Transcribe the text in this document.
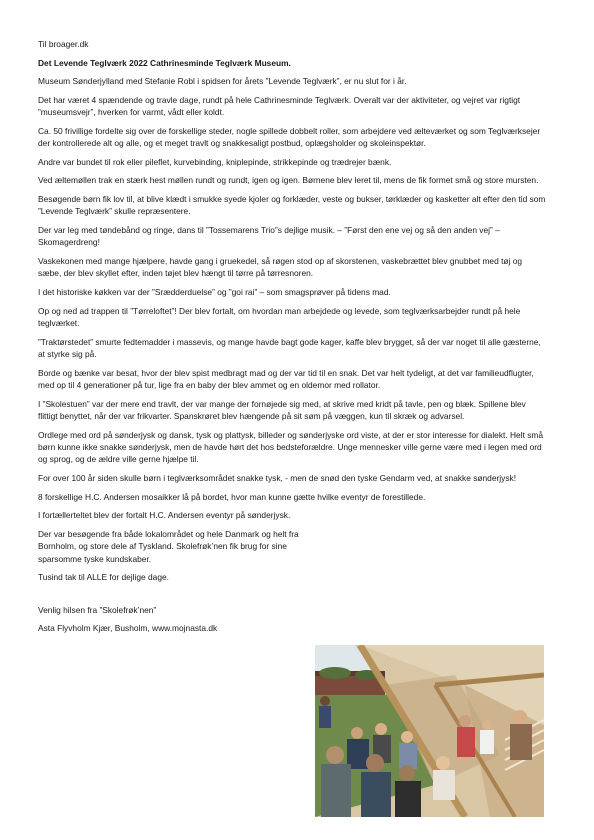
Til broager.dk

Det Levende Teglværk 2022 Cathrinesminde Teglværk Museum.

Museum Sønderjylland med Stefanie Robl i spidsen for årets ”Levende Teglværk”, er nu slut for i år.

Det har været 4 spændende og travle dage, rundt på hele Cathrinesminde Teglværk. Overalt var der aktiviteter, og vejret var rigtigt ”museumsvejr”, hverken for varmt, vådt eller koldt.

Ca. 50 frivillige fordelte sig over de forskellige steder, nogle spillede dobbelt roller, som arbejdere ved ælteværket og som Teglværksejer der kontrollerede alt og alle, og et meget travlt og snakkesaligt postbud, oplægsholder og skoleinspektør.

Andre var bundet til rok eller pileflet, kurvebinding, kniplepinde, strikkepinde og trædrejer bænk.

Ved æltemøllen trak en stærk hest møllen rundt og rundt, igen og igen. Børnene blev leret til, mens de fik formet små og store mursten.

Besøgende børn fik lov til, at blive klædt i smukke syede kjoler og forklæder, veste og bukser, tørklæder og kasketter alt efter den tid som ”Levende Teglværk” skulle repræsentere.

Der var leg med tøndebånd og ringe, dans til ”Tossemarens Trio”s dejlige musik. – ”Først den ene vej og så den anden vej” – Skomagerdreng!

Vaskekonen med mange hjælpere, havde gang i gruekedel, så røgen stod op af skorstenen, vaskebrættet blev gnubbet med tøj og sæbe, der blev skyllet efter, inden tøjet blev hængt til tørre på tørresnoren.

I det historiske køkken var der ”Srædderduelse” og ”goi rai” – som smagsprøver på tidens mad.

Op og ned ad trappen til ”Tørreloftet”! Der blev fortalt, om hvordan man arbejdede og levede, som teglværksarbejder rundt på hele teglværket.

”Traktørstedet” smurte fedtemadder i massevis, og mange havde bagt gode kager, kaffe blev brygget, så der var noget til alle gæsterne, at styrke sig på.

Borde og bænke var besat, hvor der blev spist medbragt mad og der var tid til en snak. Det var helt tydeligt, at det var familieudflugter, med op til 4 generationer på tur, lige fra en baby der blev ammet og en oldemor med rollator.

I ”Skolestuen” var der mere end travlt, der var mange der fornøjede sig med, at skrive med kridt på tavle, pen og blæk. Spillene blev flittigt benyttet, når der var frikvarter. Spanskrøret blev hængende på sit søm på væggen, kun til skræk og advarsel.

Ordlege med ord på sønderjysk og dansk, tysk og plattysk, billeder og sønderjyske ord viste, at der er stor interesse for dialekt. Helt små børn kunne ikke snakke sønderjysk, men de havde hørt det hos bedsteforældre. Unge mennesker ville gerne være med i legen med ord og sprog, og de ældre ville gerne hjælpe til.

For over 100 år siden skulle børn i teglværksområdet snakke tysk, - men de snød den tyske Gendarm ved, at snakke sønderjysk!

8 forskellige H.C. Andersen mosaikker lå på bordet, hvor man kunne gætte hvilke eventyr de forestillede.

I fortællerteltet blev der fortalt H.C. Andersen eventyr på sønderjysk.

Der var besøgende fra både lokalområdet og hele Danmark og helt fra Bornholm, og store dele af Tyskland. Skolefrøk’nen fik brug for sine sparsomme tyske kundskaber.

Tusind tak til ALLE for dejlige dage.

Venlig hilsen fra ”Skolefrøk’nen”

Asta Flyvholm Kjær, Busholm, www.mojnasta.dk
